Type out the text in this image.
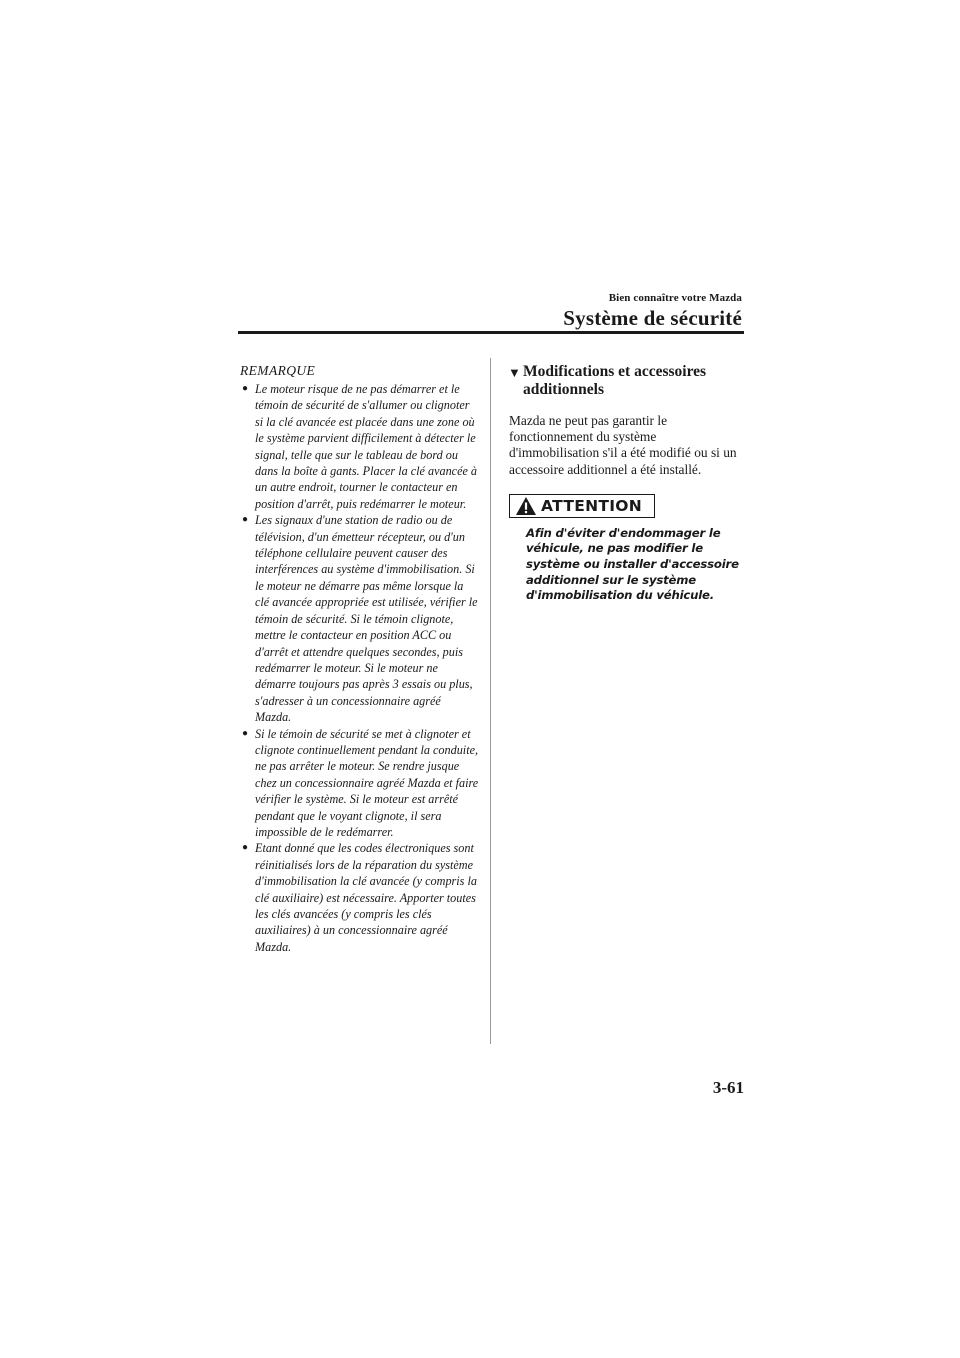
Bien connaître votre Mazda
Système de sécurité
REMARQUE
● Le moteur risque de ne pas démarrer et le témoin de sécurité de s'allumer ou clignoter si la clé avancée est placée dans une zone où le système parvient difficilement à détecter le signal, telle que sur le tableau de bord ou dans la boîte à gants. Placer la clé avancée à un autre endroit, tourner le contacteur en position d'arrêt, puis redémarrer le moteur.
● Les signaux d'une station de radio ou de télévision, d'un émetteur récepteur, ou d'un téléphone cellulaire peuvent causer des interférences au système d'immobilisation. Si le moteur ne démarre pas même lorsque la clé avancée appropriée est utilisée, vérifier le témoin de sécurité. Si le témoin clignote, mettre le contacteur en position ACC ou d'arrêt et attendre quelques secondes, puis redémarrer le moteur. Si le moteur ne démarre toujours pas après 3 essais ou plus, s'adresser à un concessionnaire agréé Mazda.
● Si le témoin de sécurité se met à clignoter et clignote continuellement pendant la conduite, ne pas arrêter le moteur. Se rendre jusque chez un concessionnaire agréé Mazda et faire vérifier le système. Si le moteur est arrêté pendant que le voyant clignote, il sera impossible de le redémarrer.
● Etant donné que les codes électroniques sont réinitialisés lors de la réparation du système d'immobilisation la clé avancée (y compris la clé auxiliaire) est nécessaire. Apporter toutes les clés avancées (y compris les clés auxiliaires) à un concessionnaire agréé Mazda.
▼ Modifications et accessoires additionnels

Mazda ne peut pas garantir le fonctionnement du système d'immobilisation s'il a été modifié ou si un accessoire additionnel a été installé.

ATTENTION

Afin d'éviter d'endommager le véhicule, ne pas modifier le système ou installer d'accessoire additionnel sur le système d'immobilisation du véhicule.

3-61
